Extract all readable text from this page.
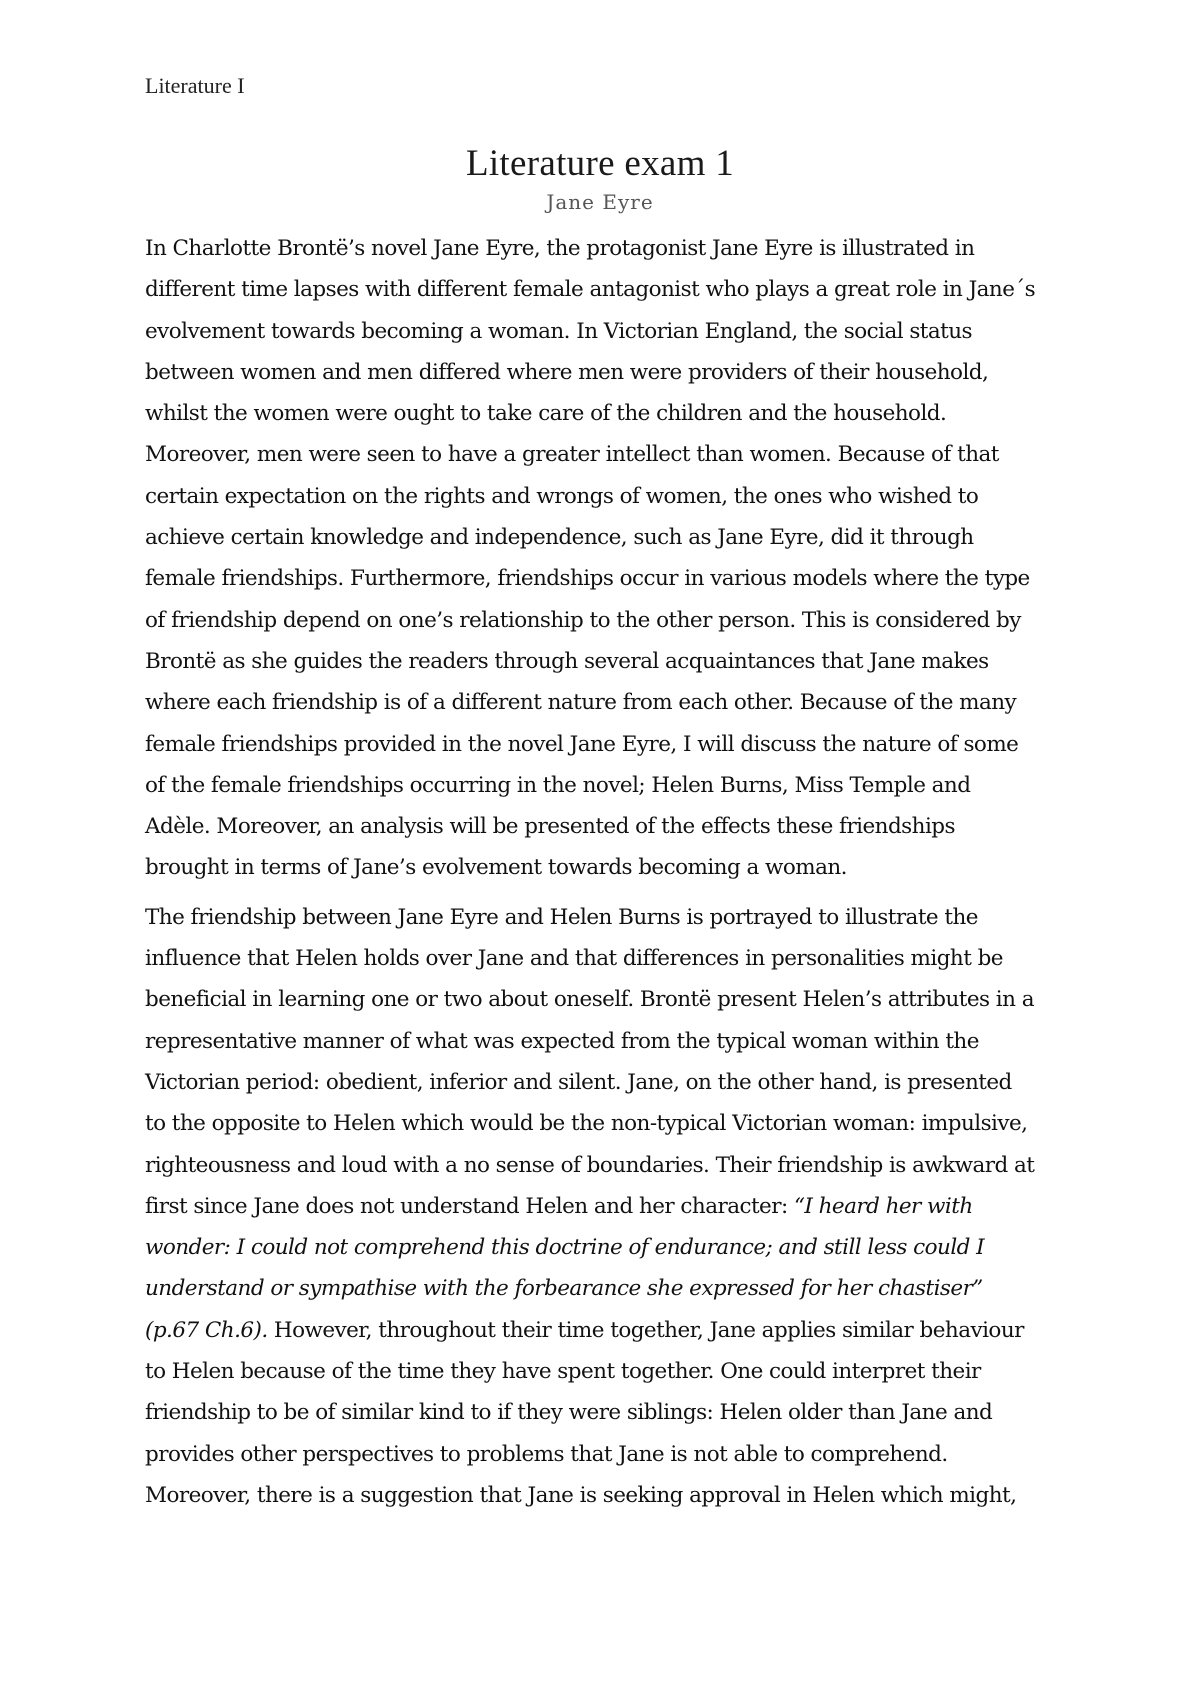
Literature I
Literature exam 1
Jane Eyre
In Charlotte Brontë’s novel Jane Eyre, the protagonist Jane Eyre is illustrated in
different time lapses with different female antagonist who plays a great role in Jane´s
evolvement towards becoming a woman. In Victorian England, the social status
between women and men differed where men were providers of their household,
whilst the women were ought to take care of the children and the household.
Moreover, men were seen to have a greater intellect than women. Because of that
certain expectation on the rights and wrongs of women, the ones who wished to
achieve certain knowledge and independence, such as Jane Eyre, did it through
female friendships. Furthermore, friendships occur in various models where the type
of friendship depend on one’s relationship to the other person. This is considered by
Brontë as she guides the readers through several acquaintances that Jane makes
where each friendship is of a different nature from each other. Because of the many
female friendships provided in the novel Jane Eyre, I will discuss the nature of some
of the female friendships occurring in the novel; Helen Burns, Miss Temple and
Adèle. Moreover, an analysis will be presented of the effects these friendships
brought in terms of Jane’s evolvement towards becoming a woman.
The friendship between Jane Eyre and Helen Burns is portrayed to illustrate the
influence that Helen holds over Jane and that differences in personalities might be
beneficial in learning one or two about oneself. Brontë present Helen’s attributes in a
representative manner of what was expected from the typical woman within the
Victorian period: obedient, inferior and silent. Jane, on the other hand, is presented
to the opposite to Helen which would be the non-typical Victorian woman: impulsive,
righteousness and loud with a no sense of boundaries. Their friendship is awkward at
first since Jane does not understand Helen and her character: “I heard her with
wonder: I could not comprehend this doctrine of endurance; and still less could I
understand or sympathise with the forbearance she expressed for her chastiser”
(p.67 Ch.6). However, throughout their time together, Jane applies similar behaviour
to Helen because of the time they have spent together. One could interpret their
friendship to be of similar kind to if they were siblings: Helen older than Jane and
provides other perspectives to problems that Jane is not able to comprehend.
Moreover, there is a suggestion that Jane is seeking approval in Helen which might,
